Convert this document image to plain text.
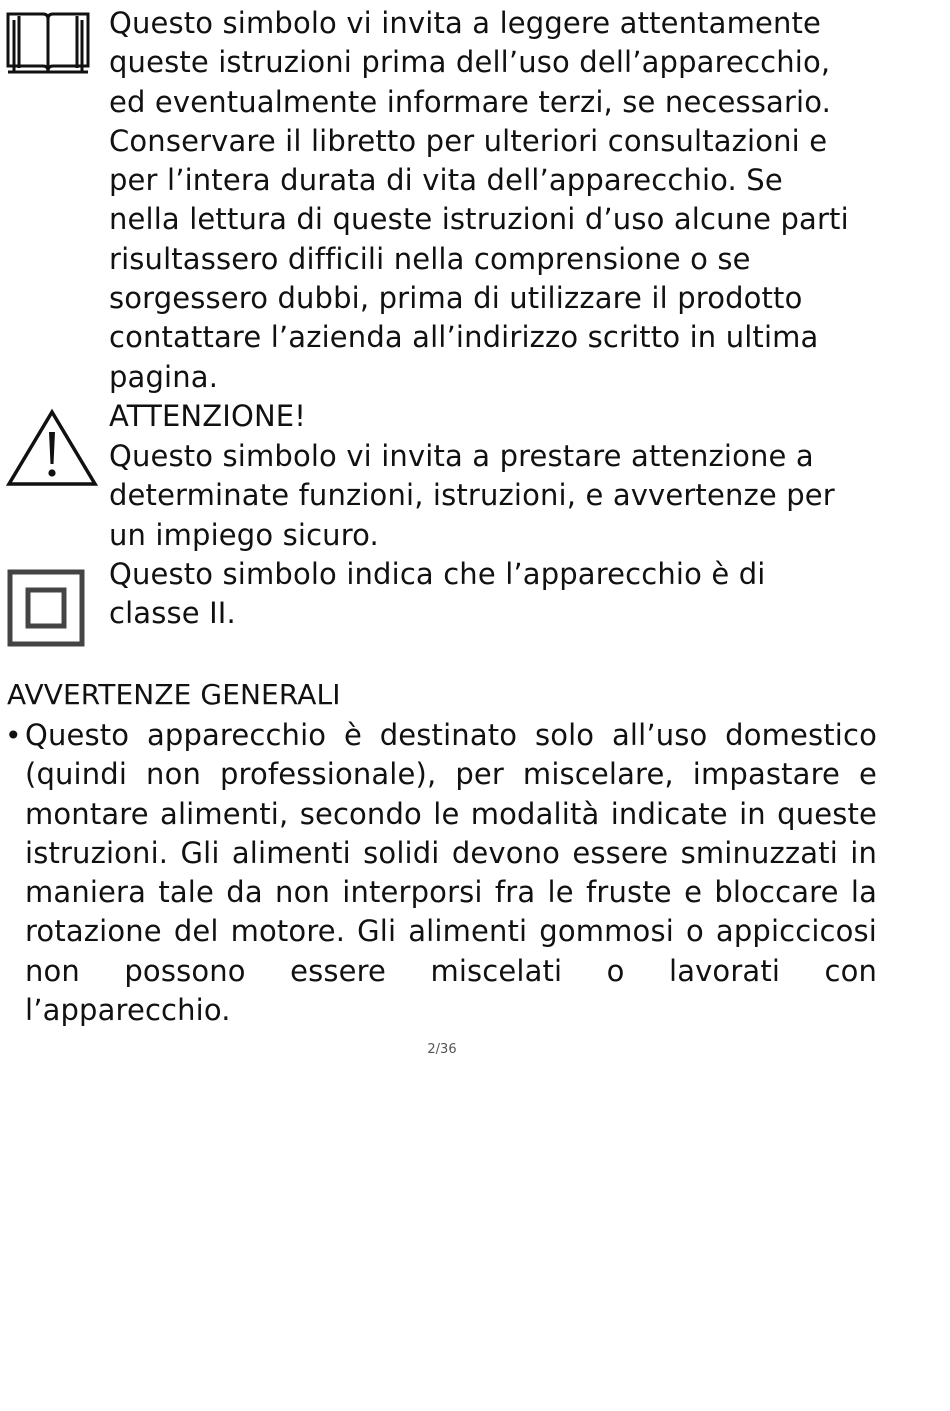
Questo simbolo vi invita a leggere attentamente
queste istruzioni prima dell’uso dell’apparecchio,
ed eventualmente informare terzi, se necessario.
Conservare il libretto per ulteriori consultazioni e
per l’intera durata di vita dell’apparecchio. Se
nella lettura di queste istruzioni d’uso alcune parti
risultassero difficili nella comprensione o se
sorgessero dubbi, prima di utilizzare il prodotto
contattare l’azienda all’indirizzo scritto in ultima
pagina.

ATTENZIONE!

Questo simbolo vi invita a prestare attenzione a
determinate funzioni, istruzioni, e avvertenze per
un impiego sicuro.

Questo simbolo indica che l’apparecchio è di
classe II.

AVVERTENZE GENERALI
• Questo apparecchio è destinato solo all’uso domestico (quindi non professionale), per miscelare, impastare e montare alimenti, secondo le modalità indicate in queste istruzioni. Gli alimenti solidi devono essere sminuzzati in maniera tale da non interporsi fra le fruste e bloccare la rotazione del motore. Gli alimenti gommosi o appiccicosi non possono essere miscelati o lavorati con l’apparecchio.

2/36
